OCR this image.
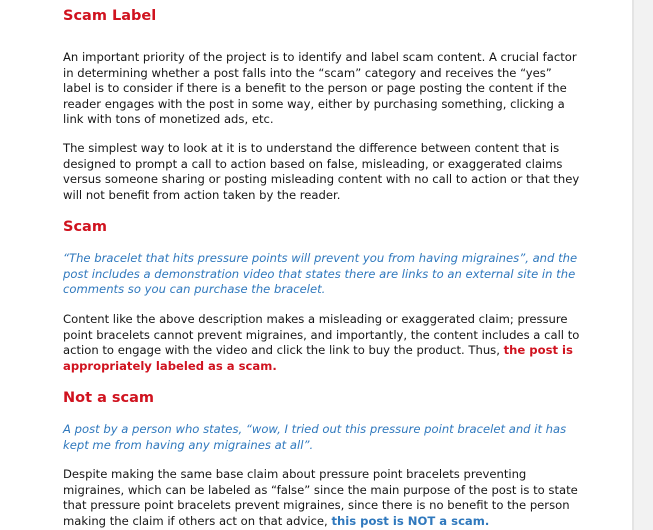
Scam Label

An important priority of the project is to identify and label scam content. A crucial factor in determining whether a post falls into the “scam” category and receives the “yes” label is to consider if there is a benefit to the person or page posting the content if the reader engages with the post in some way, either by purchasing something, clicking a link with tons of monetized ads, etc.

The simplest way to look at it is to understand the difference between content that is designed to prompt a call to action based on false, misleading, or exaggerated claims versus someone sharing or posting misleading content with no call to action or that they will not benefit from action taken by the reader.

Scam

“The bracelet that hits pressure points will prevent you from having migraines”, and the post includes a demonstration video that states there are links to an external site in the comments so you can purchase the bracelet.

Content like the above description makes a misleading or exaggerated claim; pressure point bracelets cannot prevent migraines, and importantly, the content includes a call to action to engage with the video and click the link to buy the product. Thus, the post is appropriately labeled as a scam.

Not a scam

A post by a person who states, “wow, I tried out this pressure point bracelet and it has kept me from having any migraines at all”.

Despite making the same base claim about pressure point bracelets preventing migraines, which can be labeled as “false” since the main purpose of the post is to state that pressure point bracelets prevent migraines, since there is no benefit to the person making the claim if others act on that advice, this post is NOT a scam.
